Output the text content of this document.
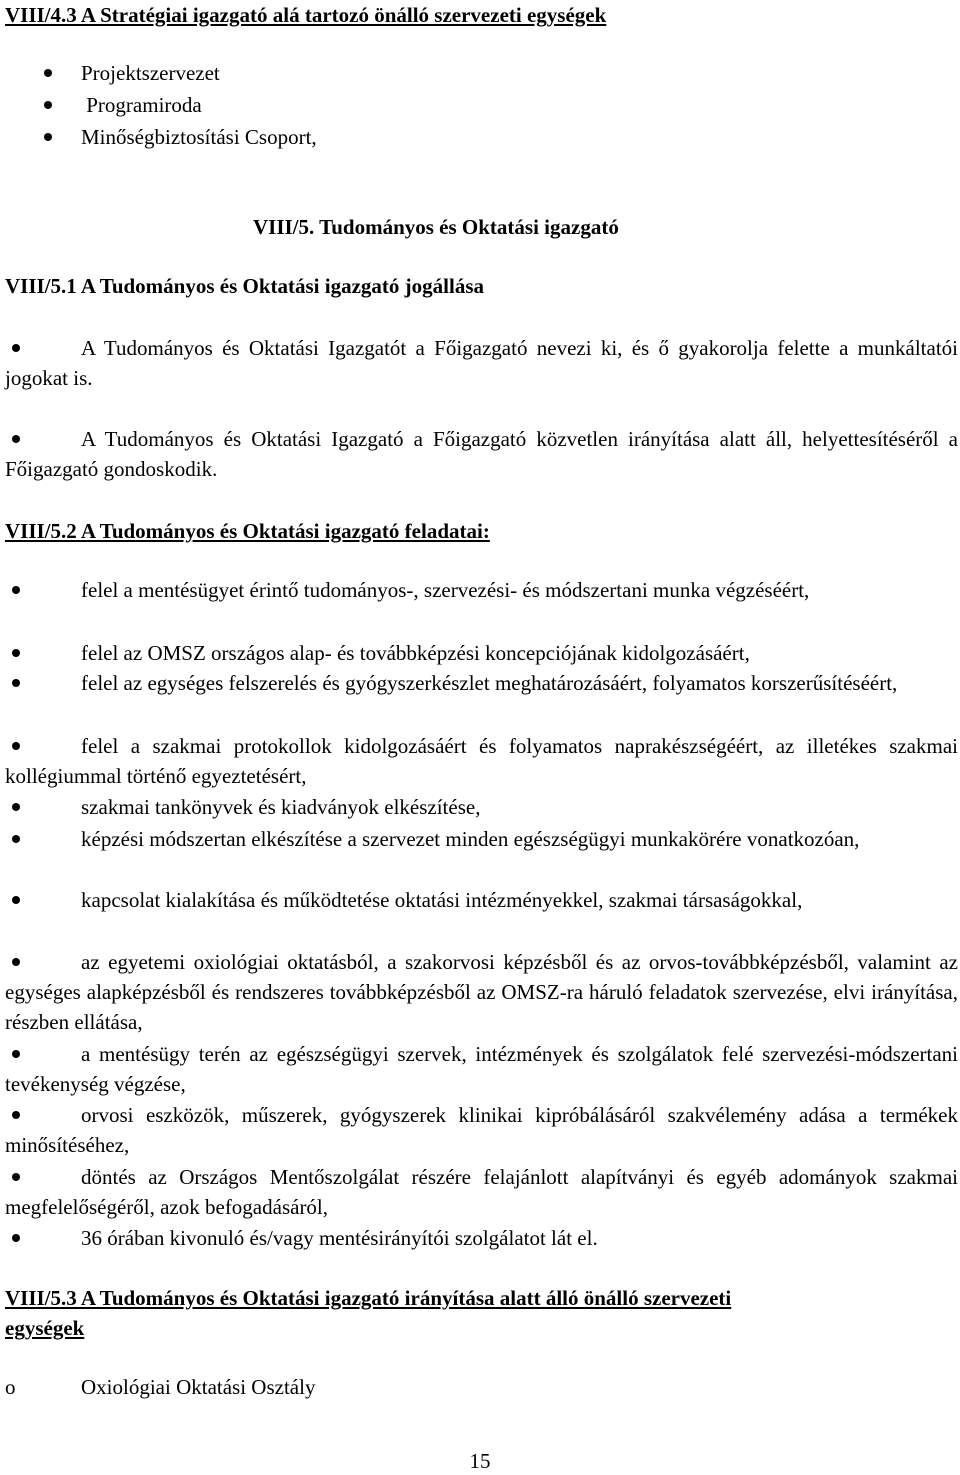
VIII/4.3 A Stratégiai igazgató alá tartozó önálló szervezeti egységek
Projektszervezet
Programiroda
Minőségbiztosítási Csoport,
VIII/5. Tudományos és Oktatási igazgató
VIII/5.1 A Tudományos és Oktatási igazgató jogállása
A Tudományos és Oktatási Igazgatót a Főigazgató nevezi ki, és ő gyakorolja felette a munkáltatói jogokat is.
A Tudományos és Oktatási Igazgató a Főigazgató közvetlen irányítása alatt áll, helyettesítéséről a Főigazgató gondoskodik.
VIII/5.2 A Tudományos és Oktatási igazgató feladatai:
felel a mentésügyet érintő tudományos-, szervezési- és módszertani munka végzéséért,
felel az OMSZ országos alap- és továbbképzési koncepciójának kidolgozásáért,
felel az egységes felszerelés és gyógyszerkészlet meghatározásáért, folyamatos korszerűsítéséért,
felel a szakmai protokollok kidolgozásáért és folyamatos naprakészségéért, az illetékes szakmai kollégiummal történő egyeztetésért,
szakmai tankönyvek és kiadványok elkészítése,
képzési módszertan elkészítése a szervezet minden egészségügyi munkakörére vonatkozóan,
kapcsolat kialakítása és működtetése oktatási intézményekkel, szakmai társaságokkal,
az egyetemi oxiológiai oktatásból, a szakorvosi képzésből és az orvos-továbbképzésből, valamint az egységes alapképzésből és rendszeres továbbképzésből az OMSZ-ra háruló feladatok szervezése, elvi irányítása, részben ellátása,
a mentésügy terén az egészségügyi szervek, intézmények és szolgálatok felé szervezési-módszertani tevékenység végzése,
orvosi eszközök, műszerek, gyógyszerek klinikai kipróbálásáról szakvélemény adása a termékek minősítéséhez,
döntés az Országos Mentőszolgálat részére felajánlott alapítványi és egyéb adományok szakmai megfelelőségéről, azok befogadásáról,
36 órában kivonuló és/vagy mentésirányítói szolgálatot lát el.
VIII/5.3 A Tudományos és Oktatási igazgató irányítása alatt álló önálló szervezeti
egységek
o	Oxiológiai Oktatási Osztály
15
